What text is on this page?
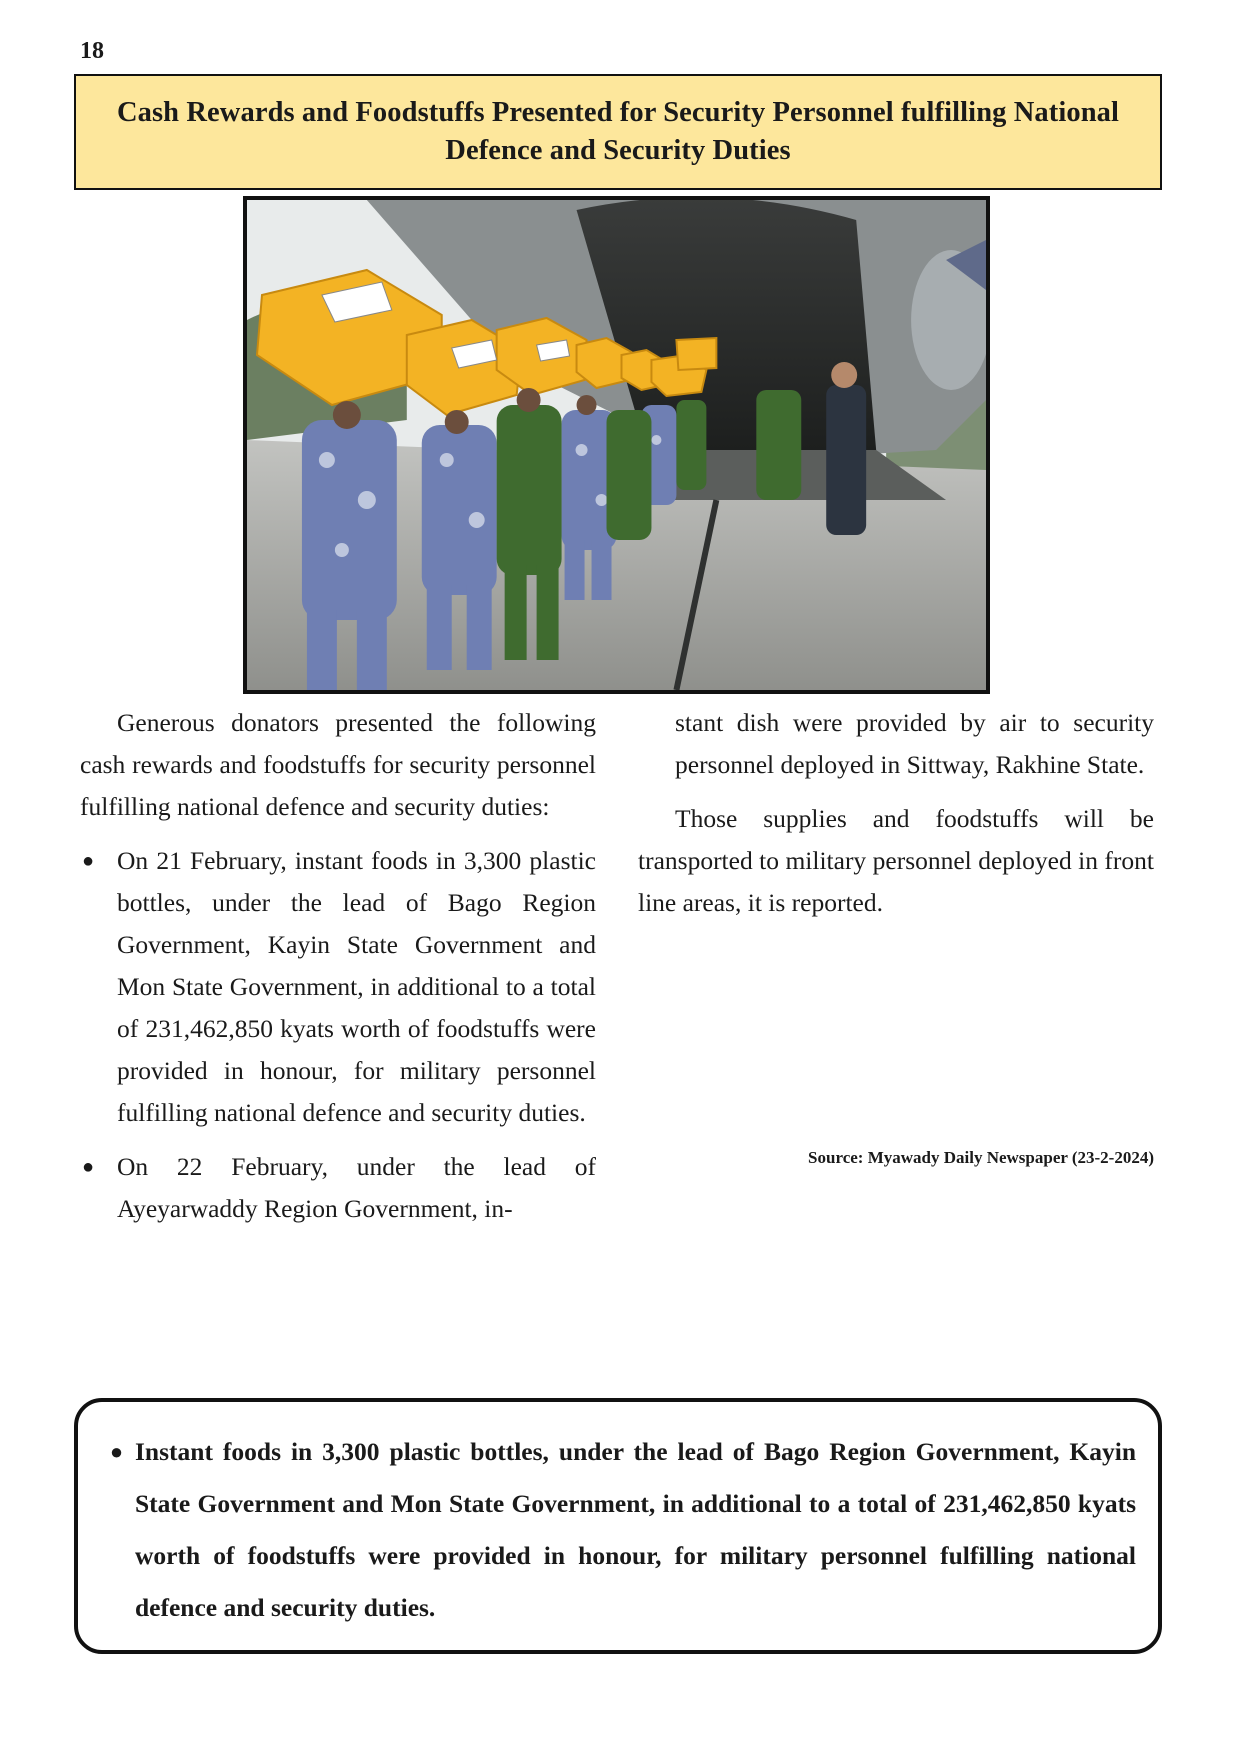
18
Cash Rewards and Foodstuffs Presented for Security Personnel fulfilling National Defence and Security Duties

Generous donators presented the following cash rewards and foodstuffs for security personnel fulfilling national defence and security duties:

● On 21 February, instant foods in 3,300 plastic bottles, under the lead of Bago Region Government, Kayin State Government and Mon State Government, in additional to a total of 231,462,850 kyats worth of foodstuffs were provided in honour, for military personnel fulfilling national defence and security duties.
● On 22 February, under the lead of Ayeyarwaddy Region Government, in-
stant dish were provided by air to security personnel deployed in Sittway, Rakhine State.

Those supplies and foodstuffs will be transported to military personnel deployed in front line areas, it is reported.

Source: Myawady Daily Newspaper (23-2-2024)
● Instant foods in 3,300 plastic bottles, under the lead of Bago Region Government, Kayin State Government and Mon State Government, in additional to a total of 231,462,850 kyats worth of foodstuffs were provided in honour, for military personnel fulfilling national defence and security duties.
